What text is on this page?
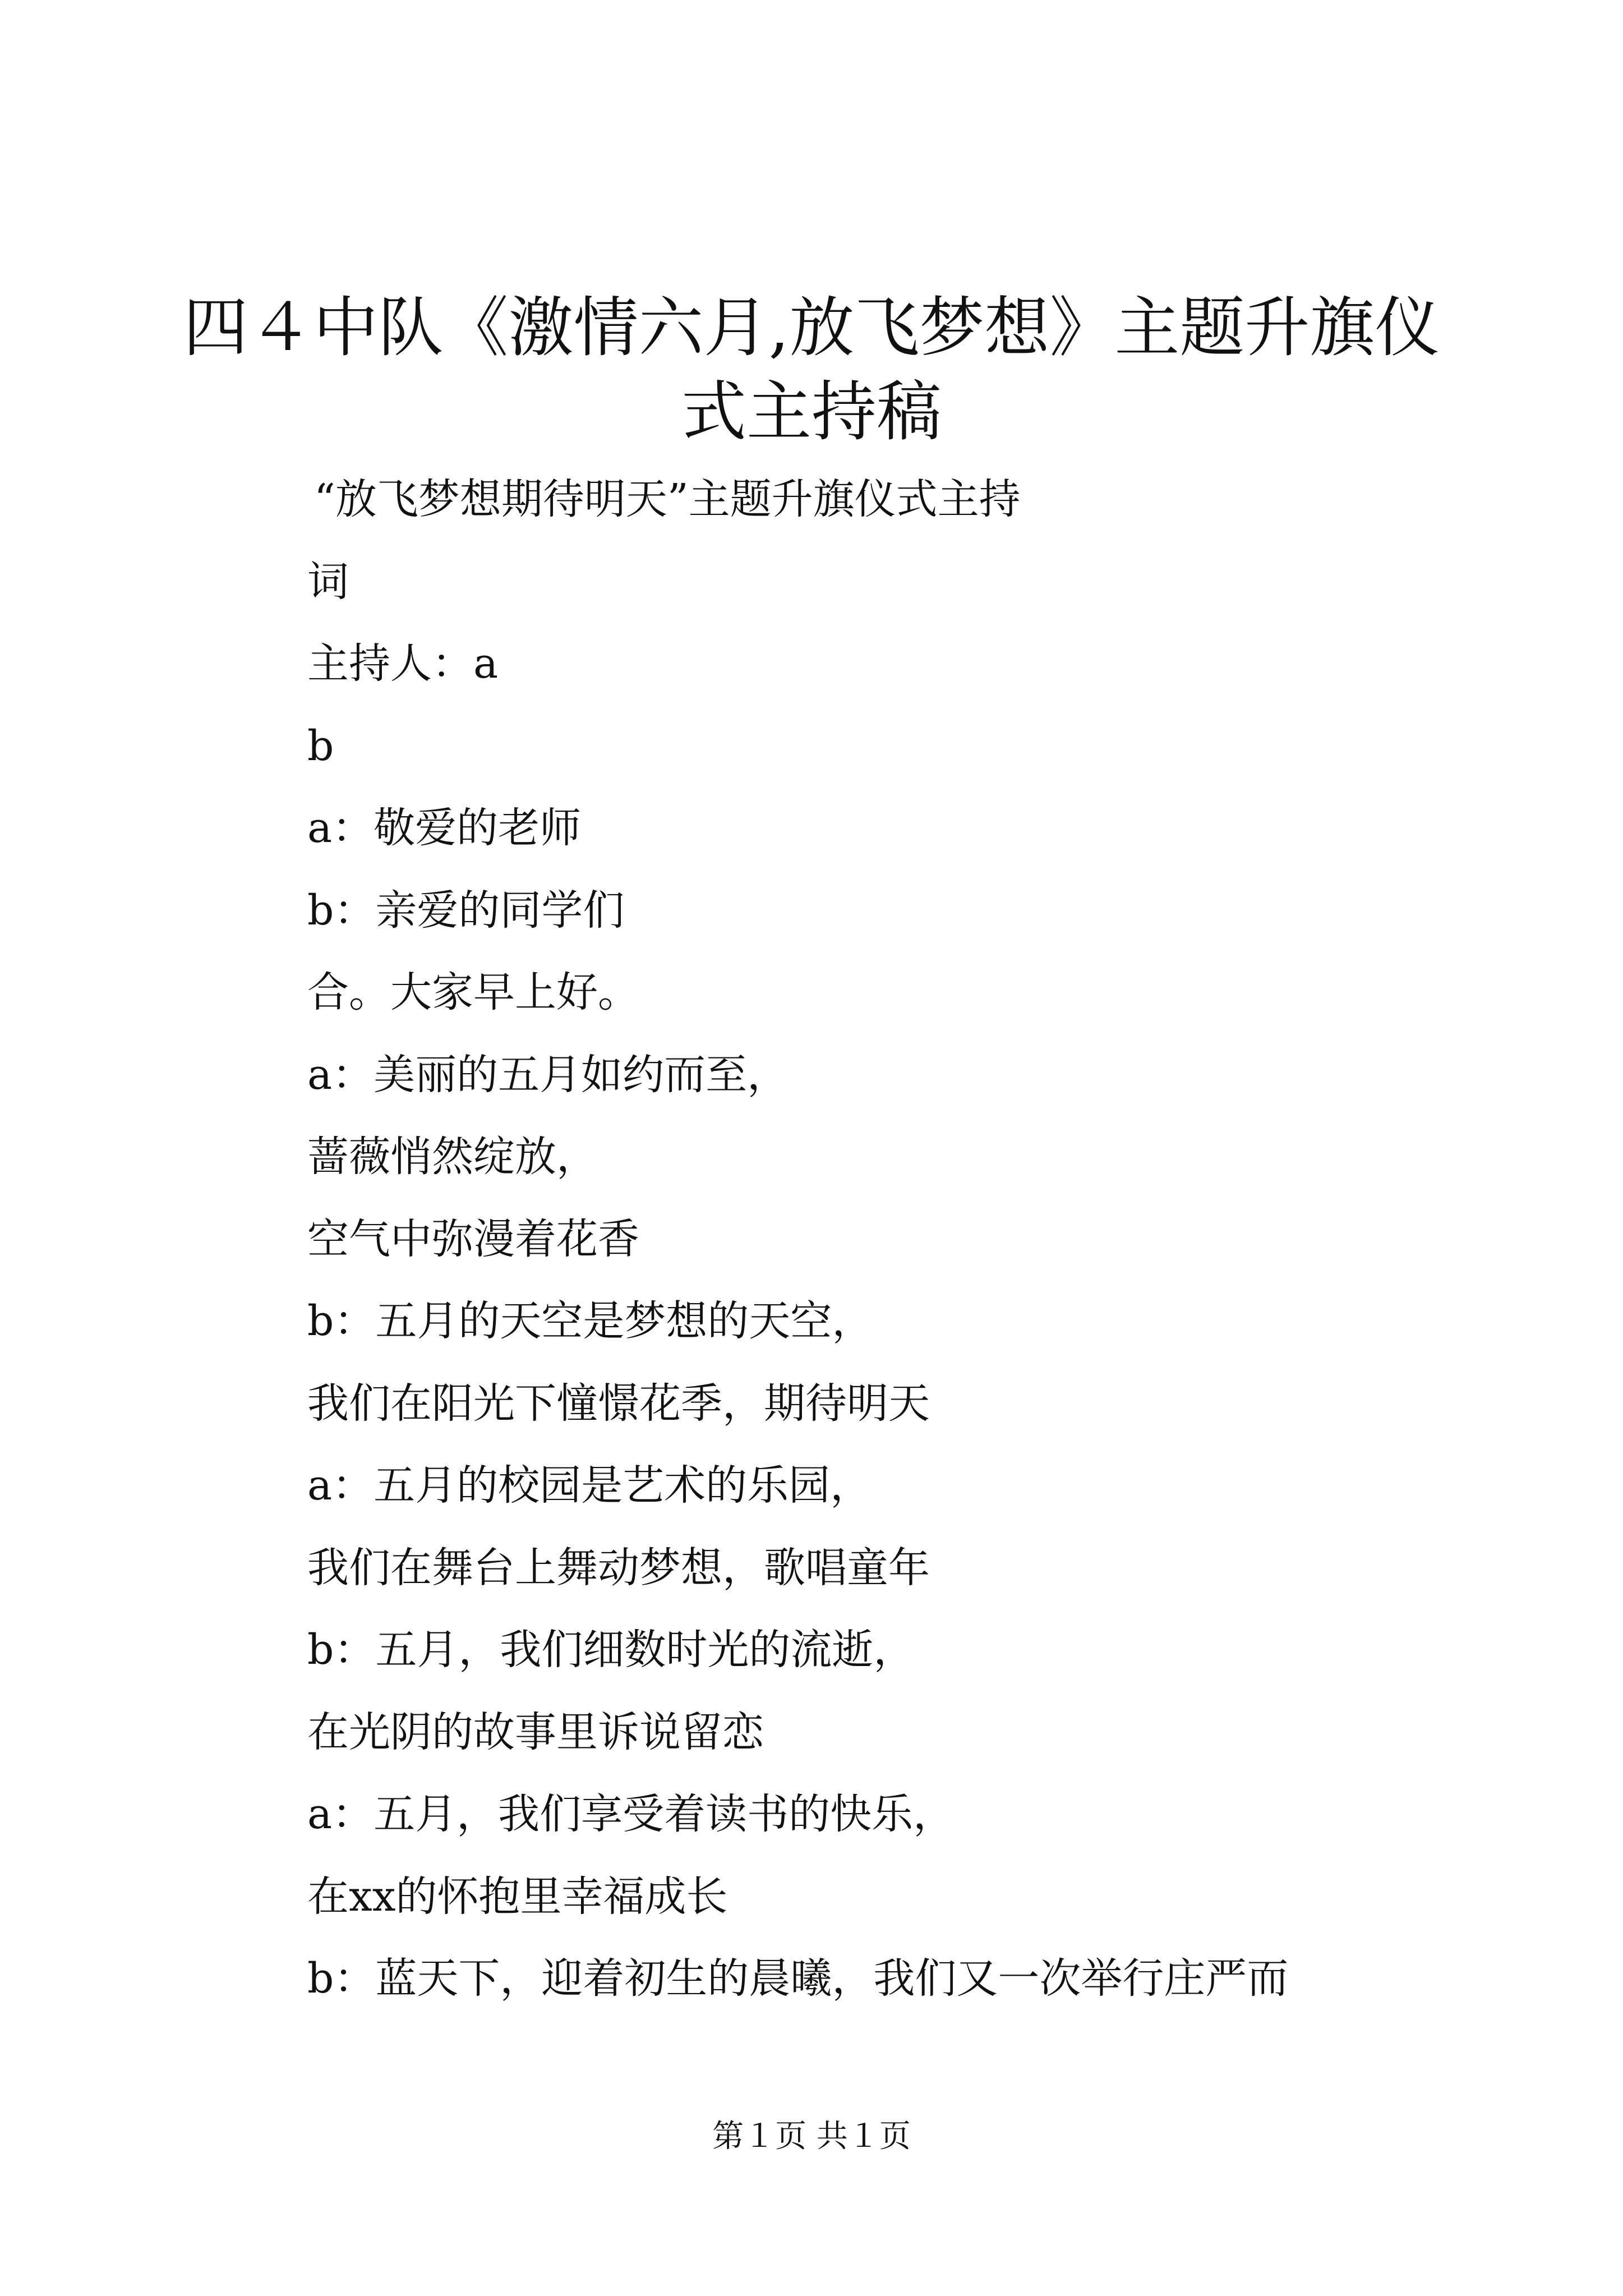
四４中队《激情六月,放飞梦想》主题升旗仪
式主持稿
“放飞梦想期待明天”主题升旗仪式主持
词
主持人：a
b
a：敬爱的老师
b：亲爱的同学们
合。大家早上好。
a：美丽的五月如约而至，
蔷薇悄然绽放，
空气中弥漫着花香
b：五月的天空是梦想的天空，
我们在阳光下憧憬花季，期待明天
a：五月的校园是艺术的乐园，
我们在舞台上舞动梦想，歌唱童年
b：五月，我们细数时光的流逝，
在光阴的故事里诉说留恋
a：五月，我们享受着读书的快乐，
在xx的怀抱里幸福成长
b：蓝天下，迎着初生的晨曦，我们又一次举行庄严而
第１页 共１页
